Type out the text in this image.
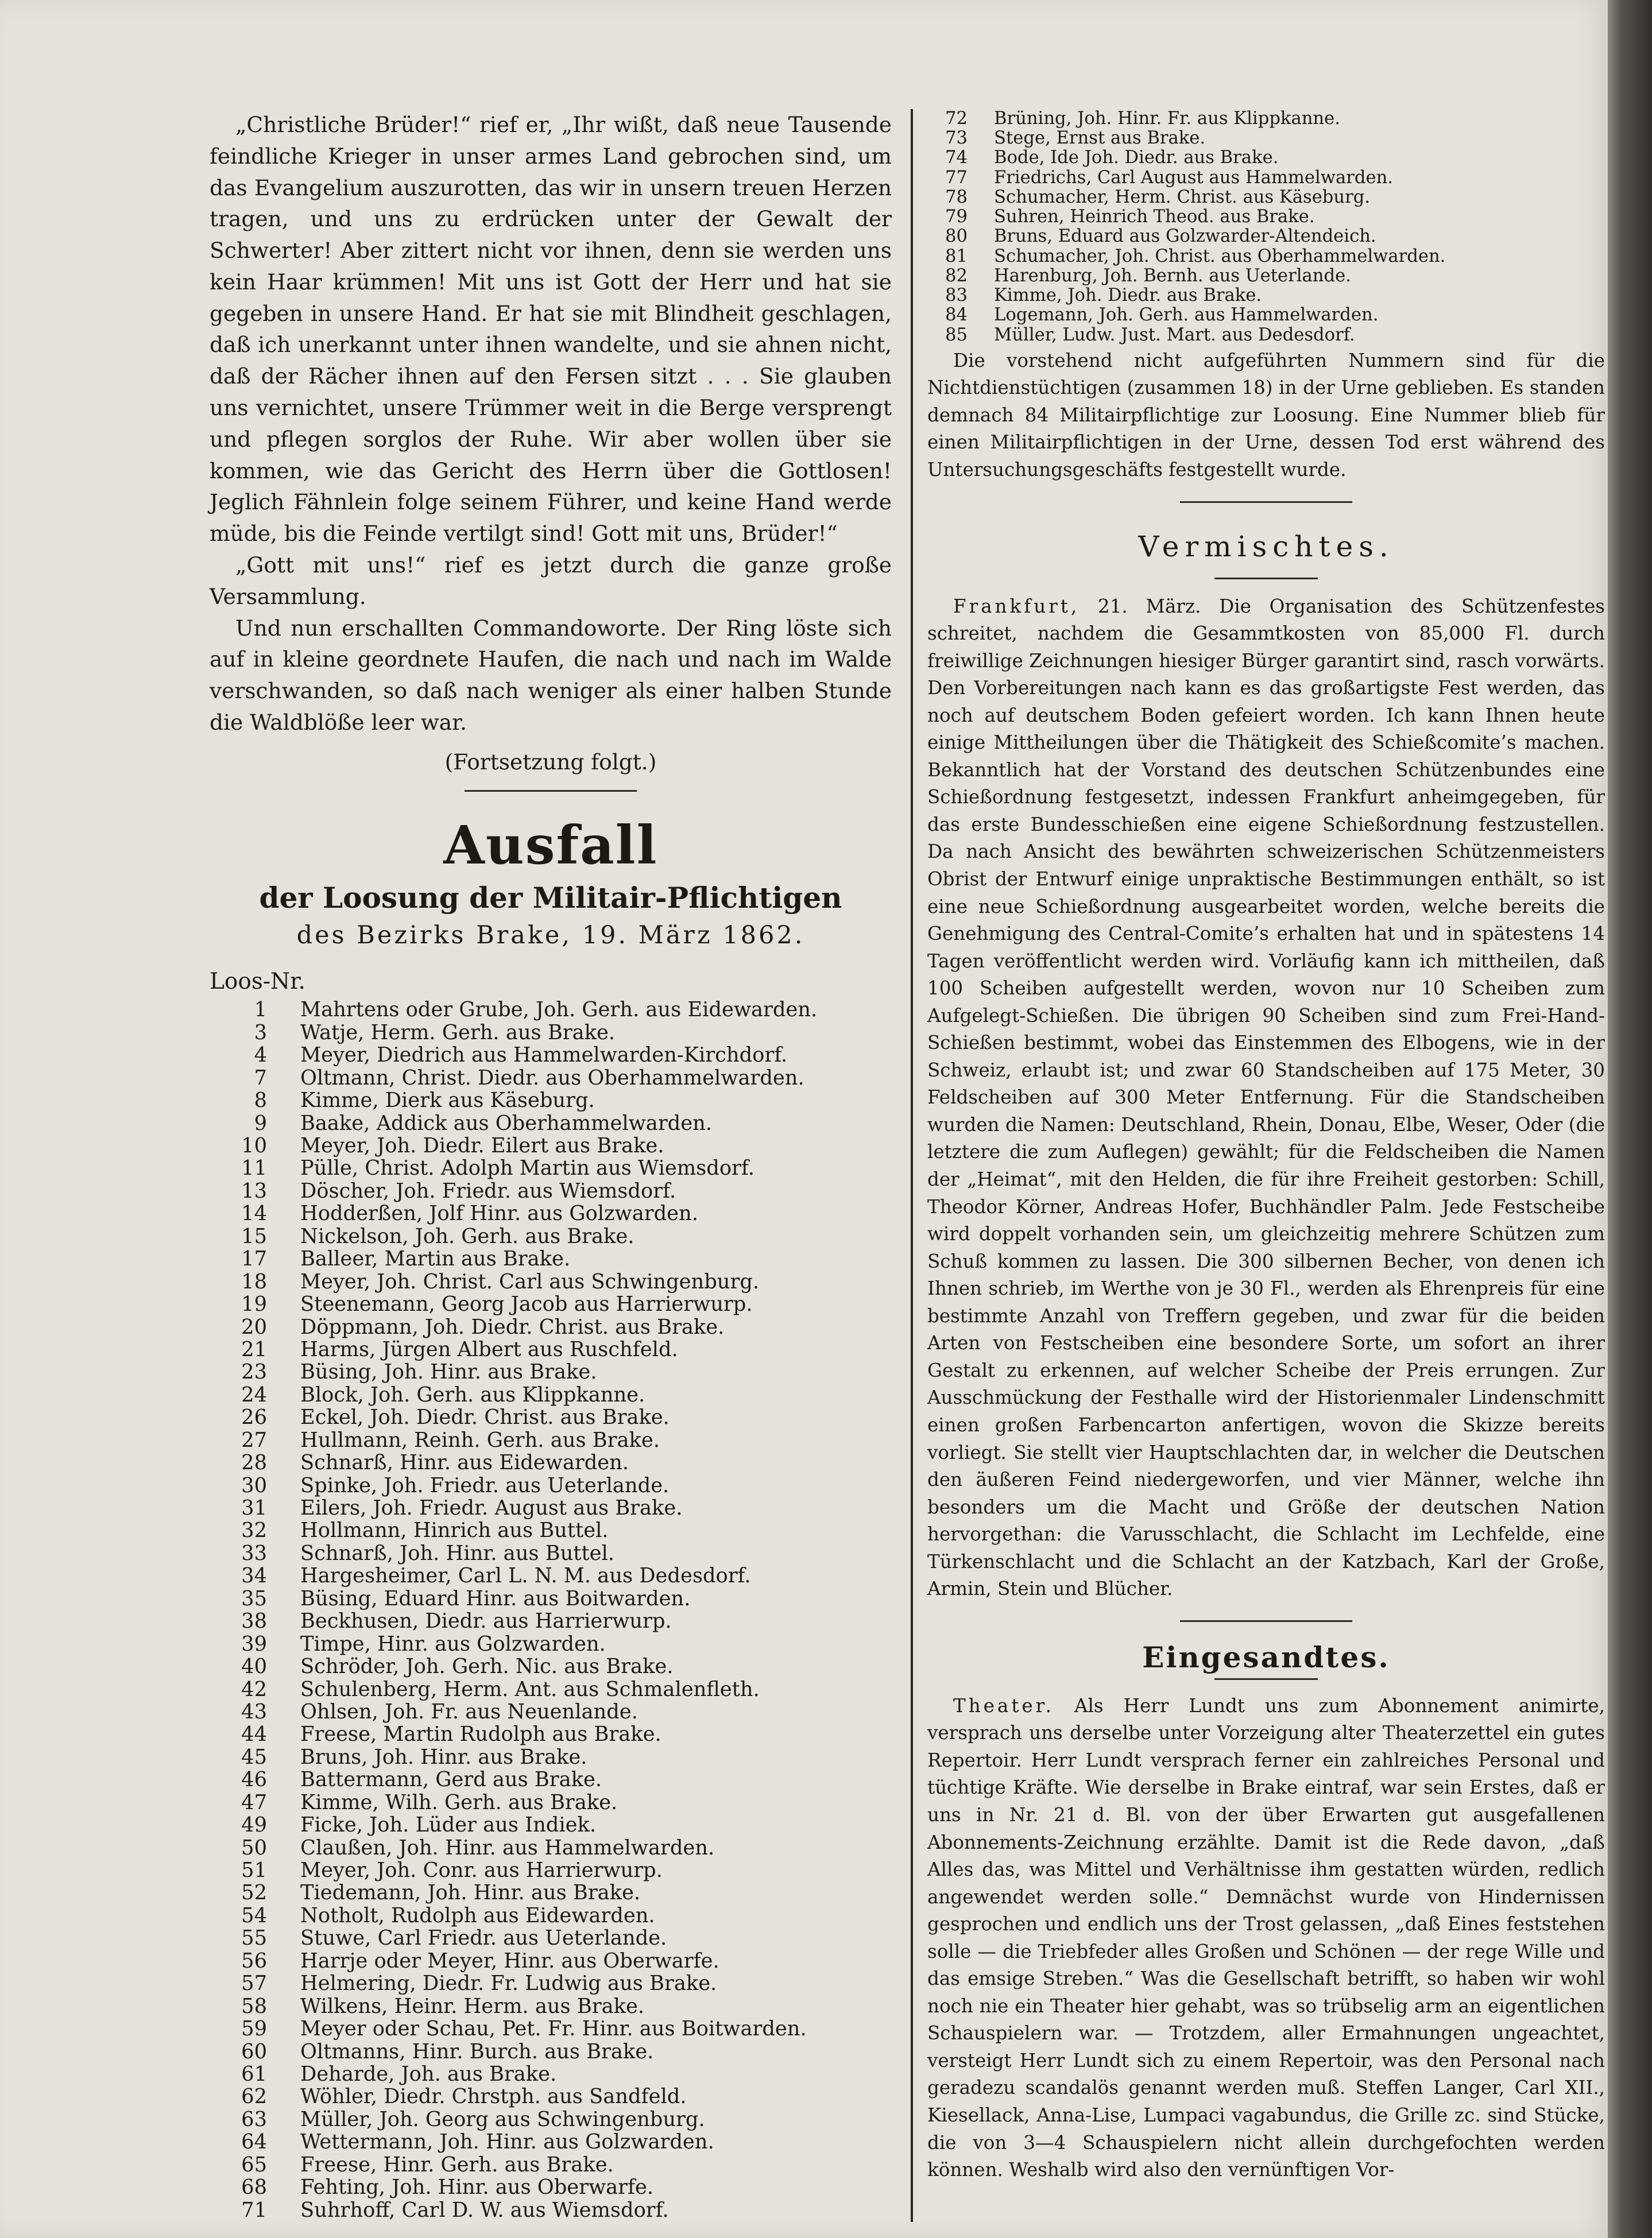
„Christliche Brüder!“ rief er, „Ihr wißt, daß neue Tausende feindliche Krieger in unser armes Land gebrochen sind, um das Evangelium auszurotten, das wir in unsern treuen Herzen tragen, und uns zu erdrücken unter der Gewalt der Schwerter! Aber zittert nicht vor ihnen, denn sie werden uns kein Haar krümmen! Mit uns ist Gott der Herr und hat sie gegeben in unsere Hand. Er hat sie mit Blindheit geschlagen, daß ich unerkannt unter ihnen wandelte, und sie ahnen nicht, daß der Rächer ihnen auf den Fersen sitzt . . . Sie glauben uns vernichtet, unsere Trümmer weit in die Berge versprengt und pflegen sorglos der Ruhe. Wir aber wollen über sie kommen, wie das Gericht des Herrn über die Gottlosen! Jeglich Fähnlein folge seinem Führer, und keine Hand werde müde, bis die Feinde vertilgt sind! Gott mit uns, Brüder!“

„Gott mit uns!“ rief es jetzt durch die ganze große Versammlung.

Und nun erschallten Commandoworte. Der Ring löste sich auf in kleine geordnete Haufen, die nach und nach im Walde verschwanden, so daß nach weniger als einer halben Stunde die Waldblöße leer war.

(Fortsetzung folgt.)

Ausfall
der Loosung der Militair-Pflichtigen
des Bezirks Brake, 19. März 1862.
Loos-Nr.
1 Mahrtens oder Grube, Joh. Gerh. aus Eidewarden.
3 Watje, Herm. Gerh. aus Brake.
4 Meyer, Diedrich aus Hammelwarden-Kirchdorf.
7 Oltmann, Christ. Diedr. aus Oberhammelwarden.
8 Kimme, Dierk aus Käseburg.
9 Baake, Addick aus Oberhammelwarden.
10 Meyer, Joh. Diedr. Eilert aus Brake.
11 Pülle, Christ. Adolph Martin aus Wiemsdorf.
13 Döscher, Joh. Friedr. aus Wiemsdorf.
14 Hodderßen, Jolf Hinr. aus Golzwarden.
15 Nickelson, Joh. Gerh. aus Brake.
17 Balleer, Martin aus Brake.
18 Meyer, Joh. Christ. Carl aus Schwingenburg.
19 Steenemann, Georg Jacob aus Harrierwurp.
20 Döppmann, Joh. Diedr. Christ. aus Brake.
21 Harms, Jürgen Albert aus Ruschfeld.
23 Büsing, Joh. Hinr. aus Brake.
24 Block, Joh. Gerh. aus Klippkanne.
26 Eckel, Joh. Diedr. Christ. aus Brake.
27 Hullmann, Reinh. Gerh. aus Brake.
28 Schnarß, Hinr. aus Eidewarden.
30 Spinke, Joh. Friedr. aus Ueterlande.
31 Eilers, Joh. Friedr. August aus Brake.
32 Hollmann, Hinrich aus Buttel.
33 Schnarß, Joh. Hinr. aus Buttel.
34 Hargesheimer, Carl L. N. M. aus Dedesdorf.
35 Büsing, Eduard Hinr. aus Boitwarden.
38 Beckhusen, Diedr. aus Harrierwurp.
39 Timpe, Hinr. aus Golzwarden.
40 Schröder, Joh. Gerh. Nic. aus Brake.
42 Schulenberg, Herm. Ant. aus Schmalenfleth.
43 Ohlsen, Joh. Fr. aus Neuenlande.
44 Freese, Martin Rudolph aus Brake.
45 Bruns, Joh. Hinr. aus Brake.
46 Battermann, Gerd aus Brake.
47 Kimme, Wilh. Gerh. aus Brake.
49 Ficke, Joh. Lüder aus Indiek.
50 Claußen, Joh. Hinr. aus Hammelwarden.
51 Meyer, Joh. Conr. aus Harrierwurp.
52 Tiedemann, Joh. Hinr. aus Brake.
54 Notholt, Rudolph aus Eidewarden.
55 Stuwe, Carl Friedr. aus Ueterlande.
56 Harrje oder Meyer, Hinr. aus Oberwarfe.
57 Helmering, Diedr. Fr. Ludwig aus Brake.
58 Wilkens, Heinr. Herm. aus Brake.
59 Meyer oder Schau, Pet. Fr. Hinr. aus Boitwarden.
60 Oltmanns, Hinr. Burch. aus Brake.
61 Deharde, Joh. aus Brake.
62 Wöhler, Diedr. Chrstph. aus Sandfeld.
63 Müller, Joh. Georg aus Schwingenburg.
64 Wettermann, Joh. Hinr. aus Golzwarden.
65 Freese, Hinr. Gerh. aus Brake.
68 Fehting, Joh. Hinr. aus Oberwarfe.
71 Suhrhoff, Carl D. W. aus Wiemsdorf.
72 Brüning, Joh. Hinr. Fr. aus Klippkanne.
73 Stege, Ernst aus Brake.
74 Bode, Ide Joh. Diedr. aus Brake.
77 Friedrichs, Carl August aus Hammelwarden.
78 Schumacher, Herm. Christ. aus Käseburg.
79 Suhren, Heinrich Theod. aus Brake.
80 Bruns, Eduard aus Golzwarder-Altendeich.
81 Schumacher, Joh. Christ. aus Oberhammelwarden.
82 Harenburg, Joh. Bernh. aus Ueterlande.
83 Kimme, Joh. Diedr. aus Brake.
84 Logemann, Joh. Gerh. aus Hammelwarden.
85 Müller, Ludw. Just. Mart. aus Dedesdorf.

Die vorstehend nicht aufgeführten Nummern sind für die Nichtdienstüchtigen (zusammen 18) in der Urne geblieben. Es standen demnach 84 Militairpflichtige zur Loosung. Eine Nummer blieb für einen Militairpflichtigen in der Urne, dessen Tod erst während des Untersuchungsgeschäfts festgestellt wurde.

Vermischtes.

Frankfurt, 21. März. Die Organisation des Schützenfestes schreitet, nachdem die Gesammtkosten von 85,000 Fl. durch freiwillige Zeichnungen hiesiger Bürger garantirt sind, rasch vorwärts. Den Vorbereitungen nach kann es das großartigste Fest werden, das noch auf deutschem Boden gefeiert worden. Ich kann Ihnen heute einige Mittheilungen über die Thätigkeit des Schießcomite’s machen. Bekanntlich hat der Vorstand des deutschen Schützenbundes eine Schießordnung festgesetzt, indessen Frankfurt anheimgegeben, für das erste Bundesschießen eine eigene Schießordnung festzustellen. Da nach Ansicht des bewährten schweizerischen Schützenmeisters Obrist der Entwurf einige unpraktische Bestimmungen enthält, so ist eine neue Schießordnung ausgearbeitet worden, welche bereits die Genehmigung des Central-Comite’s erhalten hat und in spätestens 14 Tagen veröffentlicht werden wird. Vorläufig kann ich mittheilen, daß 100 Scheiben aufgestellt werden, wovon nur 10 Scheiben zum Aufgelegt-Schießen. Die übrigen 90 Scheiben sind zum Frei-Hand-Schießen bestimmt, wobei das Einstemmen des Elbogens, wie in der Schweiz, erlaubt ist; und zwar 60 Standscheiben auf 175 Meter, 30 Feldscheiben auf 300 Meter Entfernung. Für die Standscheiben wurden die Namen: Deutschland, Rhein, Donau, Elbe, Weser, Oder (die letztere die zum Auflegen) gewählt; für die Feldscheiben die Namen der „Heimat“, mit den Helden, die für ihre Freiheit gestorben: Schill, Theodor Körner, Andreas Hofer, Buchhändler Palm. Jede Festscheibe wird doppelt vorhanden sein, um gleichzeitig mehrere Schützen zum Schuß kommen zu lassen. Die 300 silbernen Becher, von denen ich Ihnen schrieb, im Werthe von je 30 Fl., werden als Ehrenpreis für eine bestimmte Anzahl von Treffern gegeben, und zwar für die beiden Arten von Festscheiben eine besondere Sorte, um sofort an ihrer Gestalt zu erkennen, auf welcher Scheibe der Preis errungen. Zur Ausschmückung der Festhalle wird der Historienmaler Lindenschmitt einen großen Farbencarton anfertigen, wovon die Skizze bereits vorliegt. Sie stellt vier Hauptschlachten dar, in welcher die Deutschen den äußeren Feind niedergeworfen, und vier Männer, welche ihn besonders um die Macht und Größe der deutschen Nation hervorgethan: die Varusschlacht, die Schlacht im Lechfelde, eine Türkenschlacht und die Schlacht an der Katzbach, Karl der Große, Armin, Stein und Blücher.

Eingesandtes.

Theater. Als Herr Lundt uns zum Abonnement animirte, versprach uns derselbe unter Vorzeigung alter Theaterzettel ein gutes Repertoir. Herr Lundt versprach ferner ein zahlreiches Personal und tüchtige Kräfte. Wie derselbe in Brake eintraf, war sein Erstes, daß er uns in Nr. 21 d. Bl. von der über Erwarten gut ausgefallenen Abonnements-Zeichnung erzählte. Damit ist die Rede davon, „daß Alles das, was Mittel und Verhältnisse ihm gestatten würden, redlich angewendet werden solle.“ Demnächst wurde von Hindernissen gesprochen und endlich uns der Trost gelassen, „daß Eines feststehen solle — die Triebfeder alles Großen und Schönen — der rege Wille und das emsige Streben.“ Was die Gesellschaft betrifft, so haben wir wohl noch nie ein Theater hier gehabt, was so trübselig arm an eigentlichen Schauspielern war. — Trotzdem, aller Ermahnungen ungeachtet, versteigt Herr Lundt sich zu einem Repertoir, was den Personal nach geradezu scandalös genannt werden muß. Steffen Langer, Carl XII., Kiesellack, Anna-Lise, Lumpaci vagabundus, die Grille zc. sind Stücke, die von 3—4 Schauspielern nicht allein durchgefochten werden können. Weshalb wird also den vernünftigen Vor-
